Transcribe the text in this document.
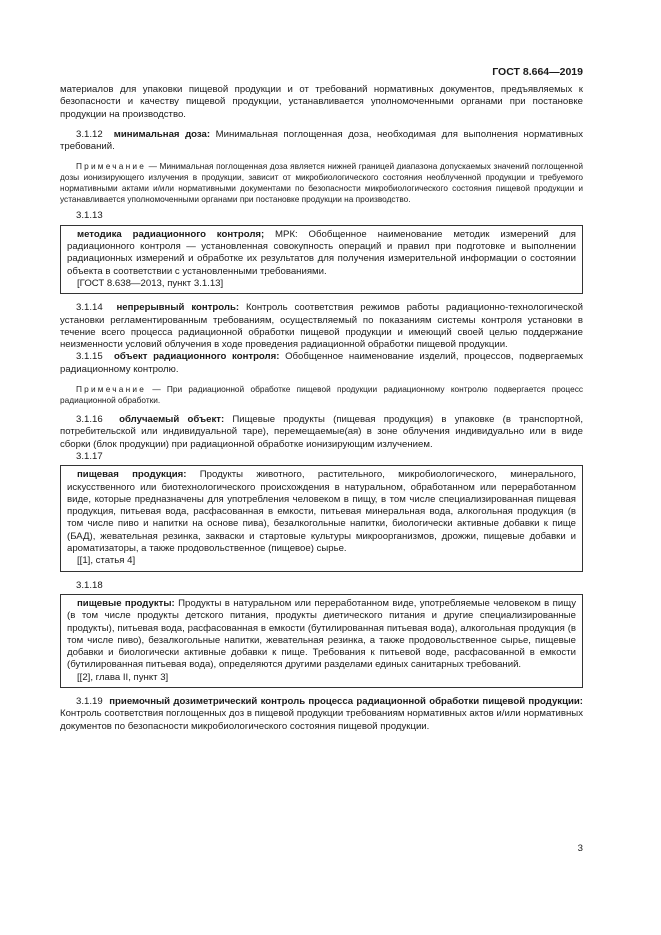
ГОСТ 8.664—2019

материалов для упаковки пищевой продукции и от требований нормативных документов, предъявляемых к безопасности и качеству пищевой продукции, устанавливается уполномоченными органами при постановке продукции на производство.

3.1.12 минимальная доза: Минимальная поглощенная доза, необходимая для выполнения нормативных требований.

Примечание — Минимальная поглощенная доза является нижней границей диапазона допускаемых значений поглощенной дозы ионизирующего излучения в продукции, зависит от микробиологического состояния необлученной продукции и требуемого нормативными актами и/или нормативными документами по безопасности микробиологического состояния пищевой продукции и устанавливается уполномоченными органами при постановке продукции на производство.

3.1.13

методика радиационного контроля; МРК: Обобщенное наименование методик измерений для радиационного контроля — установленная совокупность операций и правил при подготовке и выполнении радиационных измерений и обработке их результатов для получения измерительной информации о состоянии объекта в соответствии с установленными требованиями.

[ГОСТ 8.638—2013, пункт 3.1.13]

3.1.14 непрерывный контроль: Контроль соответствия режимов работы радиационно-технологической установки регламентированным требованиям, осуществляемый по показаниям системы контроля установки в течение всего процесса радиационной обработки пищевой продукции и имеющий своей целью поддержание неизменности условий облучения в ходе проведения радиационной обработки пищевой продукции.

3.1.15 объект радиационного контроля: Обобщенное наименование изделий, процессов, подвергаемых радиационному контролю.

Примечание — При радиационной обработке пищевой продукции радиационному контролю подвергается процесс радиационной обработки.

3.1.16 облучаемый объект: Пищевые продукты (пищевая продукция) в упаковке (в транспортной, потребительской или индивидуальной таре), перемещаемые(ая) в зоне облучения индивидуально или в виде сборки (блок продукции) при радиационной обработке ионизирующим излучением.

3.1.17

пищевая продукция: Продукты животного, растительного, микробиологического, минерального, искусственного или биотехнологического происхождения в натуральном, обработанном или переработанном виде, которые предназначены для употребления человеком в пищу, в том числе специализированная пищевая продукция, питьевая вода, расфасованная в емкости, питьевая минеральная вода, алкогольная продукция (в том числе пиво и напитки на основе пива), безалкогольные напитки, биологически активные добавки к пище (БАД), жевательная резинка, закваски и стартовые культуры микроорганизмов, дрожжи, пищевые добавки и ароматизаторы, а также продовольственное (пищевое) сырье.

[[1], статья 4]

3.1.18

пищевые продукты: Продукты в натуральном или переработанном виде, употребляемые человеком в пищу (в том числе продукты детского питания, продукты диетического питания и другие специализированные продукты), питьевая вода, расфасованная в емкости (бутилированная питьевая вода), алкогольная продукция (в том числе пиво), безалкогольные напитки, жевательная резинка, а также продовольственное сырье, пищевые добавки и биологически активные добавки к пище. Требования к питьевой воде, расфасованной в емкости (бутилированная питьевая вода), определяются другими разделами единых санитарных требований.

[[2], глава II, пункт 3]

3.1.19 приемочный дозиметрический контроль процесса радиационной обработки пищевой продукции: Контроль соответствия поглощенных доз в пищевой продукции требованиям нормативных актов и/или нормативных документов по безопасности микробиологического состояния пищевой продукции.

3
